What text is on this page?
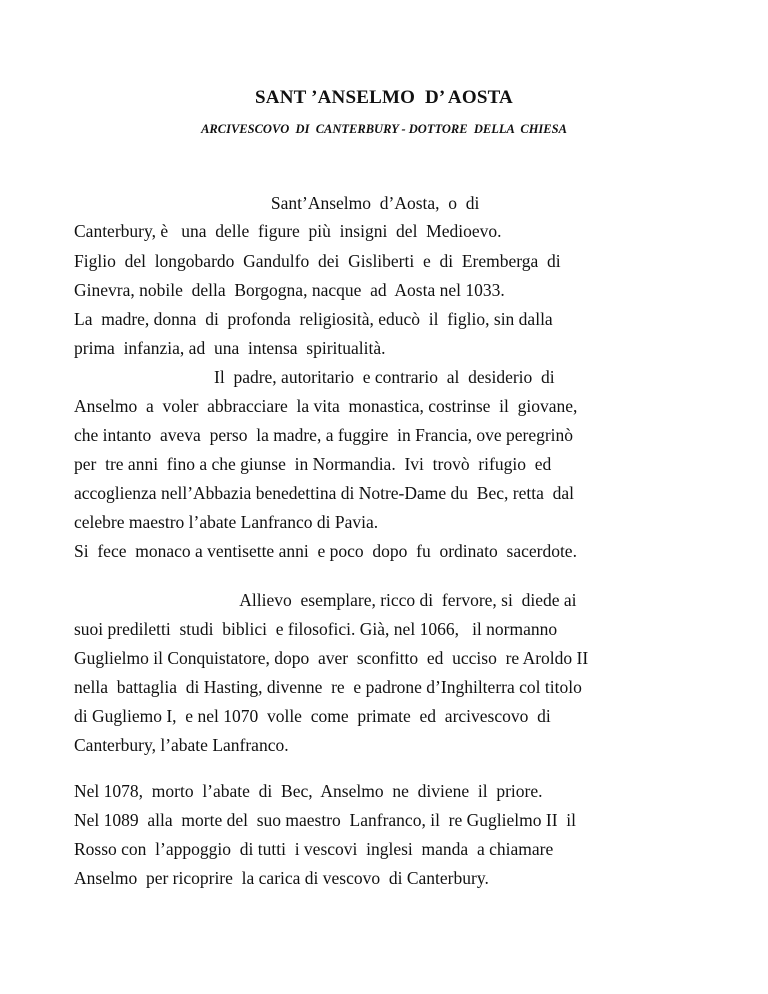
SANT ’ANSELMO  D’ AOSTA
ARCIVESCOVO  DI  CANTERBURY - DOTTORE  DELLA  CHIESA
Sant’Anselmo  d’Aosta,  o  di
Canterbury, è   una  delle  figure  più  insigni  del  Medioevo.
Figlio  del  longobardo  Gandulfo  dei  Gisliberti  e  di  Eremberga  di
Ginevra, nobile  della  Borgogna, nacque  ad  Aosta nel 1033.
La  madre, donna  di  profonda  religiosità, educò  il  figlio, sin dalla
prima  infanzia, ad  una  intensa  spiritualità.
Il  padre, autoritario  e contrario  al  desiderio  di
Anselmo  a  voler  abbracciare  la vita  monastica, costrinse  il  giovane,
che intanto  aveva  perso  la madre, a fuggire  in Francia, ove peregrinò
per  tre anni  fino a che giunse  in Normandia.  Ivi  trovò  rifugio  ed
accoglienza nell’Abbazia benedettina di Notre-Dame du  Bec, retta  dal
celebre maestro l’abate Lanfranco di Pavia.
Si  fece  monaco a ventisette anni  e poco  dopo  fu  ordinato  sacerdote.
Allievo  esemplare, ricco di  fervore, si  diede ai
suoi prediletti  studi  biblici  e filosofici. Già, nel 1066,   il normanno
Guglielmo il Conquistatore, dopo  aver  sconfitto  ed  ucciso  re Aroldo II
nella  battaglia  di Hasting, divenne  re  e padrone d’Inghilterra col titolo
di Gugliemo I,  e nel 1070  volle  come  primate  ed  arcivescovo  di
Canterbury, l’abate Lanfranco.
Nel 1078,  morto  l’abate  di  Bec,  Anselmo  ne  diviene  il  priore.
Nel 1089  alla  morte del  suo maestro  Lanfranco, il  re Guglielmo II  il
Rosso con  l’appoggio  di tutti  i vescovi  inglesi  manda  a chiamare
Anselmo  per ricoprire  la carica di vescovo  di Canterbury.
